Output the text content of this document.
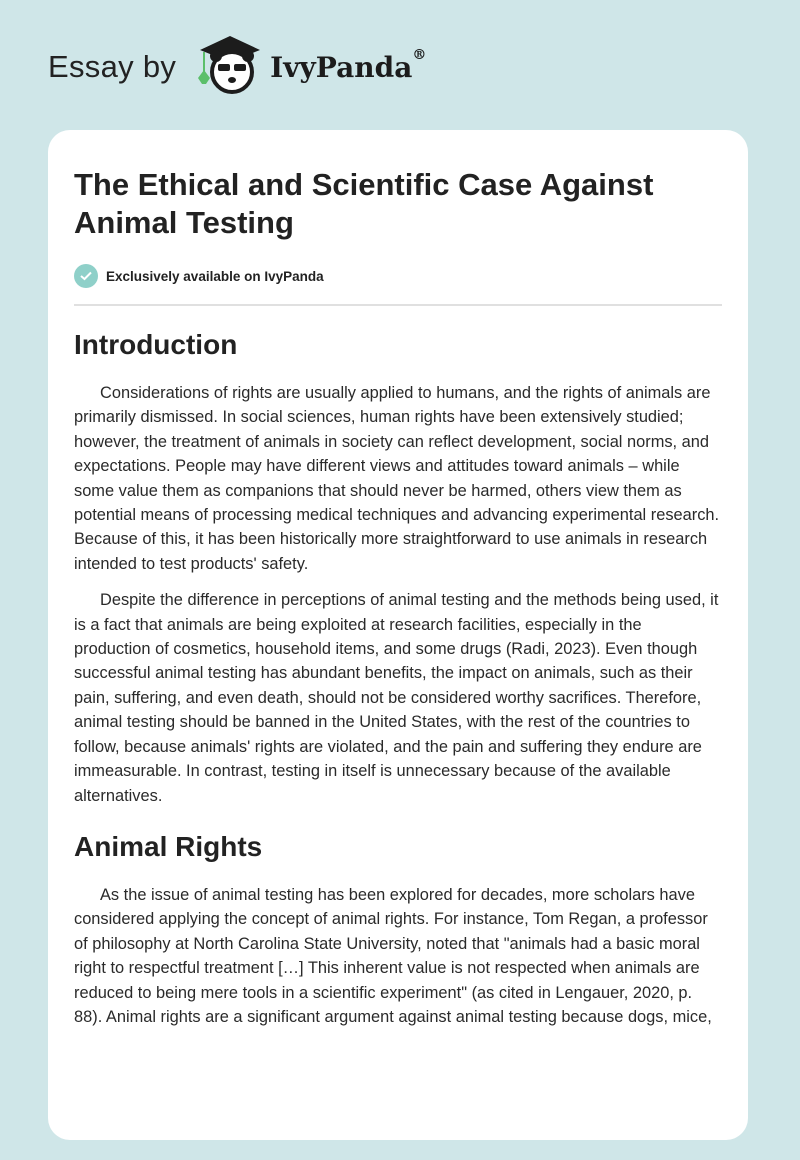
Essay by	IvyPanda®
The Ethical and Scientific Case Against Animal Testing
Exclusively available on IvyPanda
Introduction

Considerations of rights are usually applied to humans, and the rights of animals are primarily dismissed. In social sciences, human rights have been extensively studied; however, the treatment of animals in society can reflect development, social norms, and expectations. People may have different views and attitudes toward animals – while some value them as companions that should never be harmed, others view them as potential means of processing medical techniques and advancing experimental research. Because of this, it has been historically more straightforward to use animals in research intended to test products' safety.

Despite the difference in perceptions of animal testing and the methods being used, it is a fact that animals are being exploited at research facilities, especially in the production of cosmetics, household items, and some drugs (Radi, 2023). Even though successful animal testing has abundant benefits, the impact on animals, such as their pain, suffering, and even death, should not be considered worthy sacrifices. Therefore, animal testing should be banned in the United States, with the rest of the countries to follow, because animals' rights are violated, and the pain and suffering they endure are immeasurable. In contrast, testing in itself is unnecessary because of the available alternatives.

Animal Rights

As the issue of animal testing has been explored for decades, more scholars have considered applying the concept of animal rights. For instance, Tom Regan, a professor of philosophy at North Carolina State University, noted that "animals had a basic moral right to respectful treatment […] This inherent value is not respected when animals are reduced to being mere tools in a scientific experiment" (as cited in Lengauer, 2020, p. 88). Animal rights are a significant argument against animal testing because dogs, mice,
